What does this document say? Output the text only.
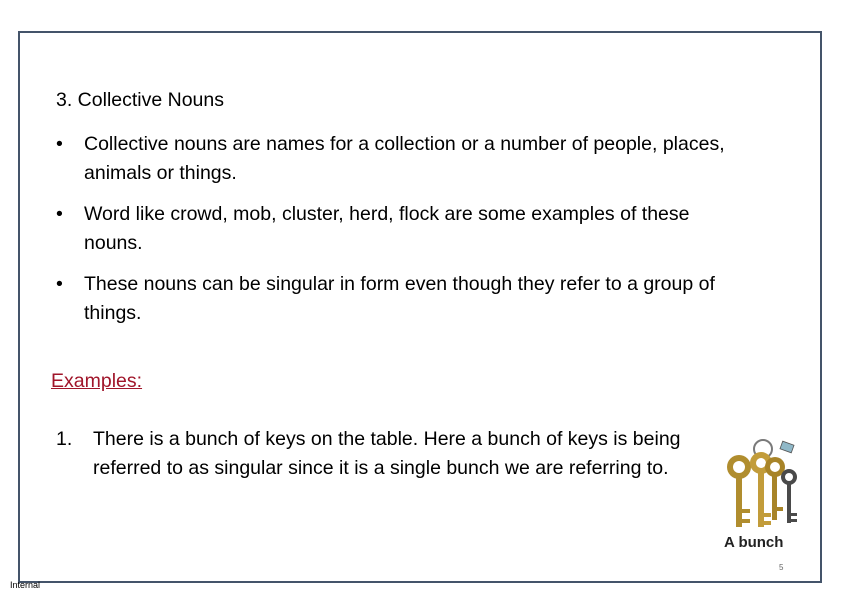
3. Collective Nouns
• Collective nouns are names for a collection or a number of people, places, animals or things.
• Word like crowd, mob, cluster, herd, flock are some examples of these nouns.
• These nouns can be singular in form even though they refer to a group of things.
Examples:
1. There is a bunch of keys on the table. Here a bunch of keys is being referred to as singular since it is a single bunch we are referring to.
A bunch
5
Internal
